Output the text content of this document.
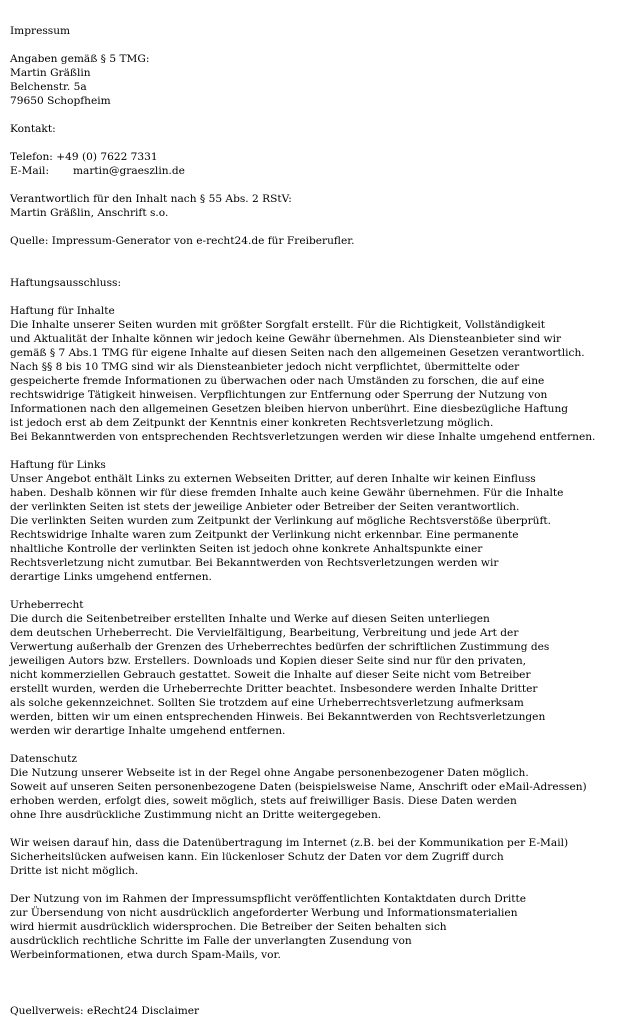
Impressum
Angaben gemäß § 5 TMG:
Martin Gräßlin
Belchenstr. 5a
79650 Schopfheim
Kontakt:
Telefon: +49 (0) 7622 7331
E-Mail: martin@graeszlin.de
Verantwortlich für den Inhalt nach § 55 Abs. 2 RStV:
Martin Gräßlin, Anschrift s.o.
Quelle: Impressum-Generator von e-recht24.de für Freiberufler.
Haftungsausschluss:
Haftung für Inhalte
Die Inhalte unserer Seiten wurden mit größter Sorgfalt erstellt. Für die Richtigkeit, Vollständigkeit
und Aktualität der Inhalte können wir jedoch keine Gewähr übernehmen. Als Diensteanbieter sind wir
gemäß § 7 Abs.1 TMG für eigene Inhalte auf diesen Seiten nach den allgemeinen Gesetzen verantwortlich.
Nach §§ 8 bis 10 TMG sind wir als Diensteanbieter jedoch nicht verpflichtet, übermittelte oder
gespeicherte fremde Informationen zu überwachen oder nach Umständen zu forschen, die auf eine
rechtswidrige Tätigkeit hinweisen. Verpflichtungen zur Entfernung oder Sperrung der Nutzung von
Informationen nach den allgemeinen Gesetzen bleiben hiervon unberührt. Eine diesbezügliche Haftung
ist jedoch erst ab dem Zeitpunkt der Kenntnis einer konkreten Rechtsverletzung möglich.
Bei Bekanntwerden von entsprechenden Rechtsverletzungen werden wir diese Inhalte umgehend entfernen.
Haftung für Links
Unser Angebot enthält Links zu externen Webseiten Dritter, auf deren Inhalte wir keinen Einfluss
haben. Deshalb können wir für diese fremden Inhalte auch keine Gewähr übernehmen. Für die Inhalte
der verlinkten Seiten ist stets der jeweilige Anbieter oder Betreiber der Seiten verantwortlich.
Die verlinkten Seiten wurden zum Zeitpunkt der Verlinkung auf mögliche Rechtsverstöße überprüft.
Rechtswidrige Inhalte waren zum Zeitpunkt der Verlinkung nicht erkennbar. Eine permanente
nhaltliche Kontrolle der verlinkten Seiten ist jedoch ohne konkrete Anhaltspunkte einer
Rechtsverletzung nicht zumutbar. Bei Bekanntwerden von Rechtsverletzungen werden wir
derartige Links umgehend entfernen.
Urheberrecht
Die durch die Seitenbetreiber erstellten Inhalte und Werke auf diesen Seiten unterliegen
dem deutschen Urheberrecht. Die Vervielfältigung, Bearbeitung, Verbreitung und jede Art der
Verwertung außerhalb der Grenzen des Urheberrechtes bedürfen der schriftlichen Zustimmung des
jeweiligen Autors bzw. Erstellers. Downloads und Kopien dieser Seite sind nur für den privaten,
nicht kommerziellen Gebrauch gestattet. Soweit die Inhalte auf dieser Seite nicht vom Betreiber
erstellt wurden, werden die Urheberrechte Dritter beachtet. Insbesondere werden Inhalte Dritter
als solche gekennzeichnet. Sollten Sie trotzdem auf eine Urheberrechtsverletzung aufmerksam
werden, bitten wir um einen entsprechenden Hinweis. Bei Bekanntwerden von Rechtsverletzungen
werden wir derartige Inhalte umgehend entfernen.
Datenschutz
Die Nutzung unserer Webseite ist in der Regel ohne Angabe personenbezogener Daten möglich.
Soweit auf unseren Seiten personenbezogene Daten (beispielsweise Name, Anschrift oder eMail-Adressen)
erhoben werden, erfolgt dies, soweit möglich, stets auf freiwilliger Basis. Diese Daten werden
ohne Ihre ausdrückliche Zustimmung nicht an Dritte weitergegeben.
Wir weisen darauf hin, dass die Datenübertragung im Internet (z.B. bei der Kommunikation per E-Mail)
Sicherheitslücken aufweisen kann. Ein lückenloser Schutz der Daten vor dem Zugriff durch
Dritte ist nicht möglich.
Der Nutzung von im Rahmen der Impressumspflicht veröffentlichten Kontaktdaten durch Dritte
zur Übersendung von nicht ausdrücklich angeforderter Werbung und Informationsmaterialien
wird hiermit ausdrücklich widersprochen. Die Betreiber der Seiten behalten sich
ausdrücklich rechtliche Schritte im Falle der unverlangten Zusendung von
Werbeinformationen, etwa durch Spam-Mails, vor.
Quellverweis: eRecht24 Disclaimer
